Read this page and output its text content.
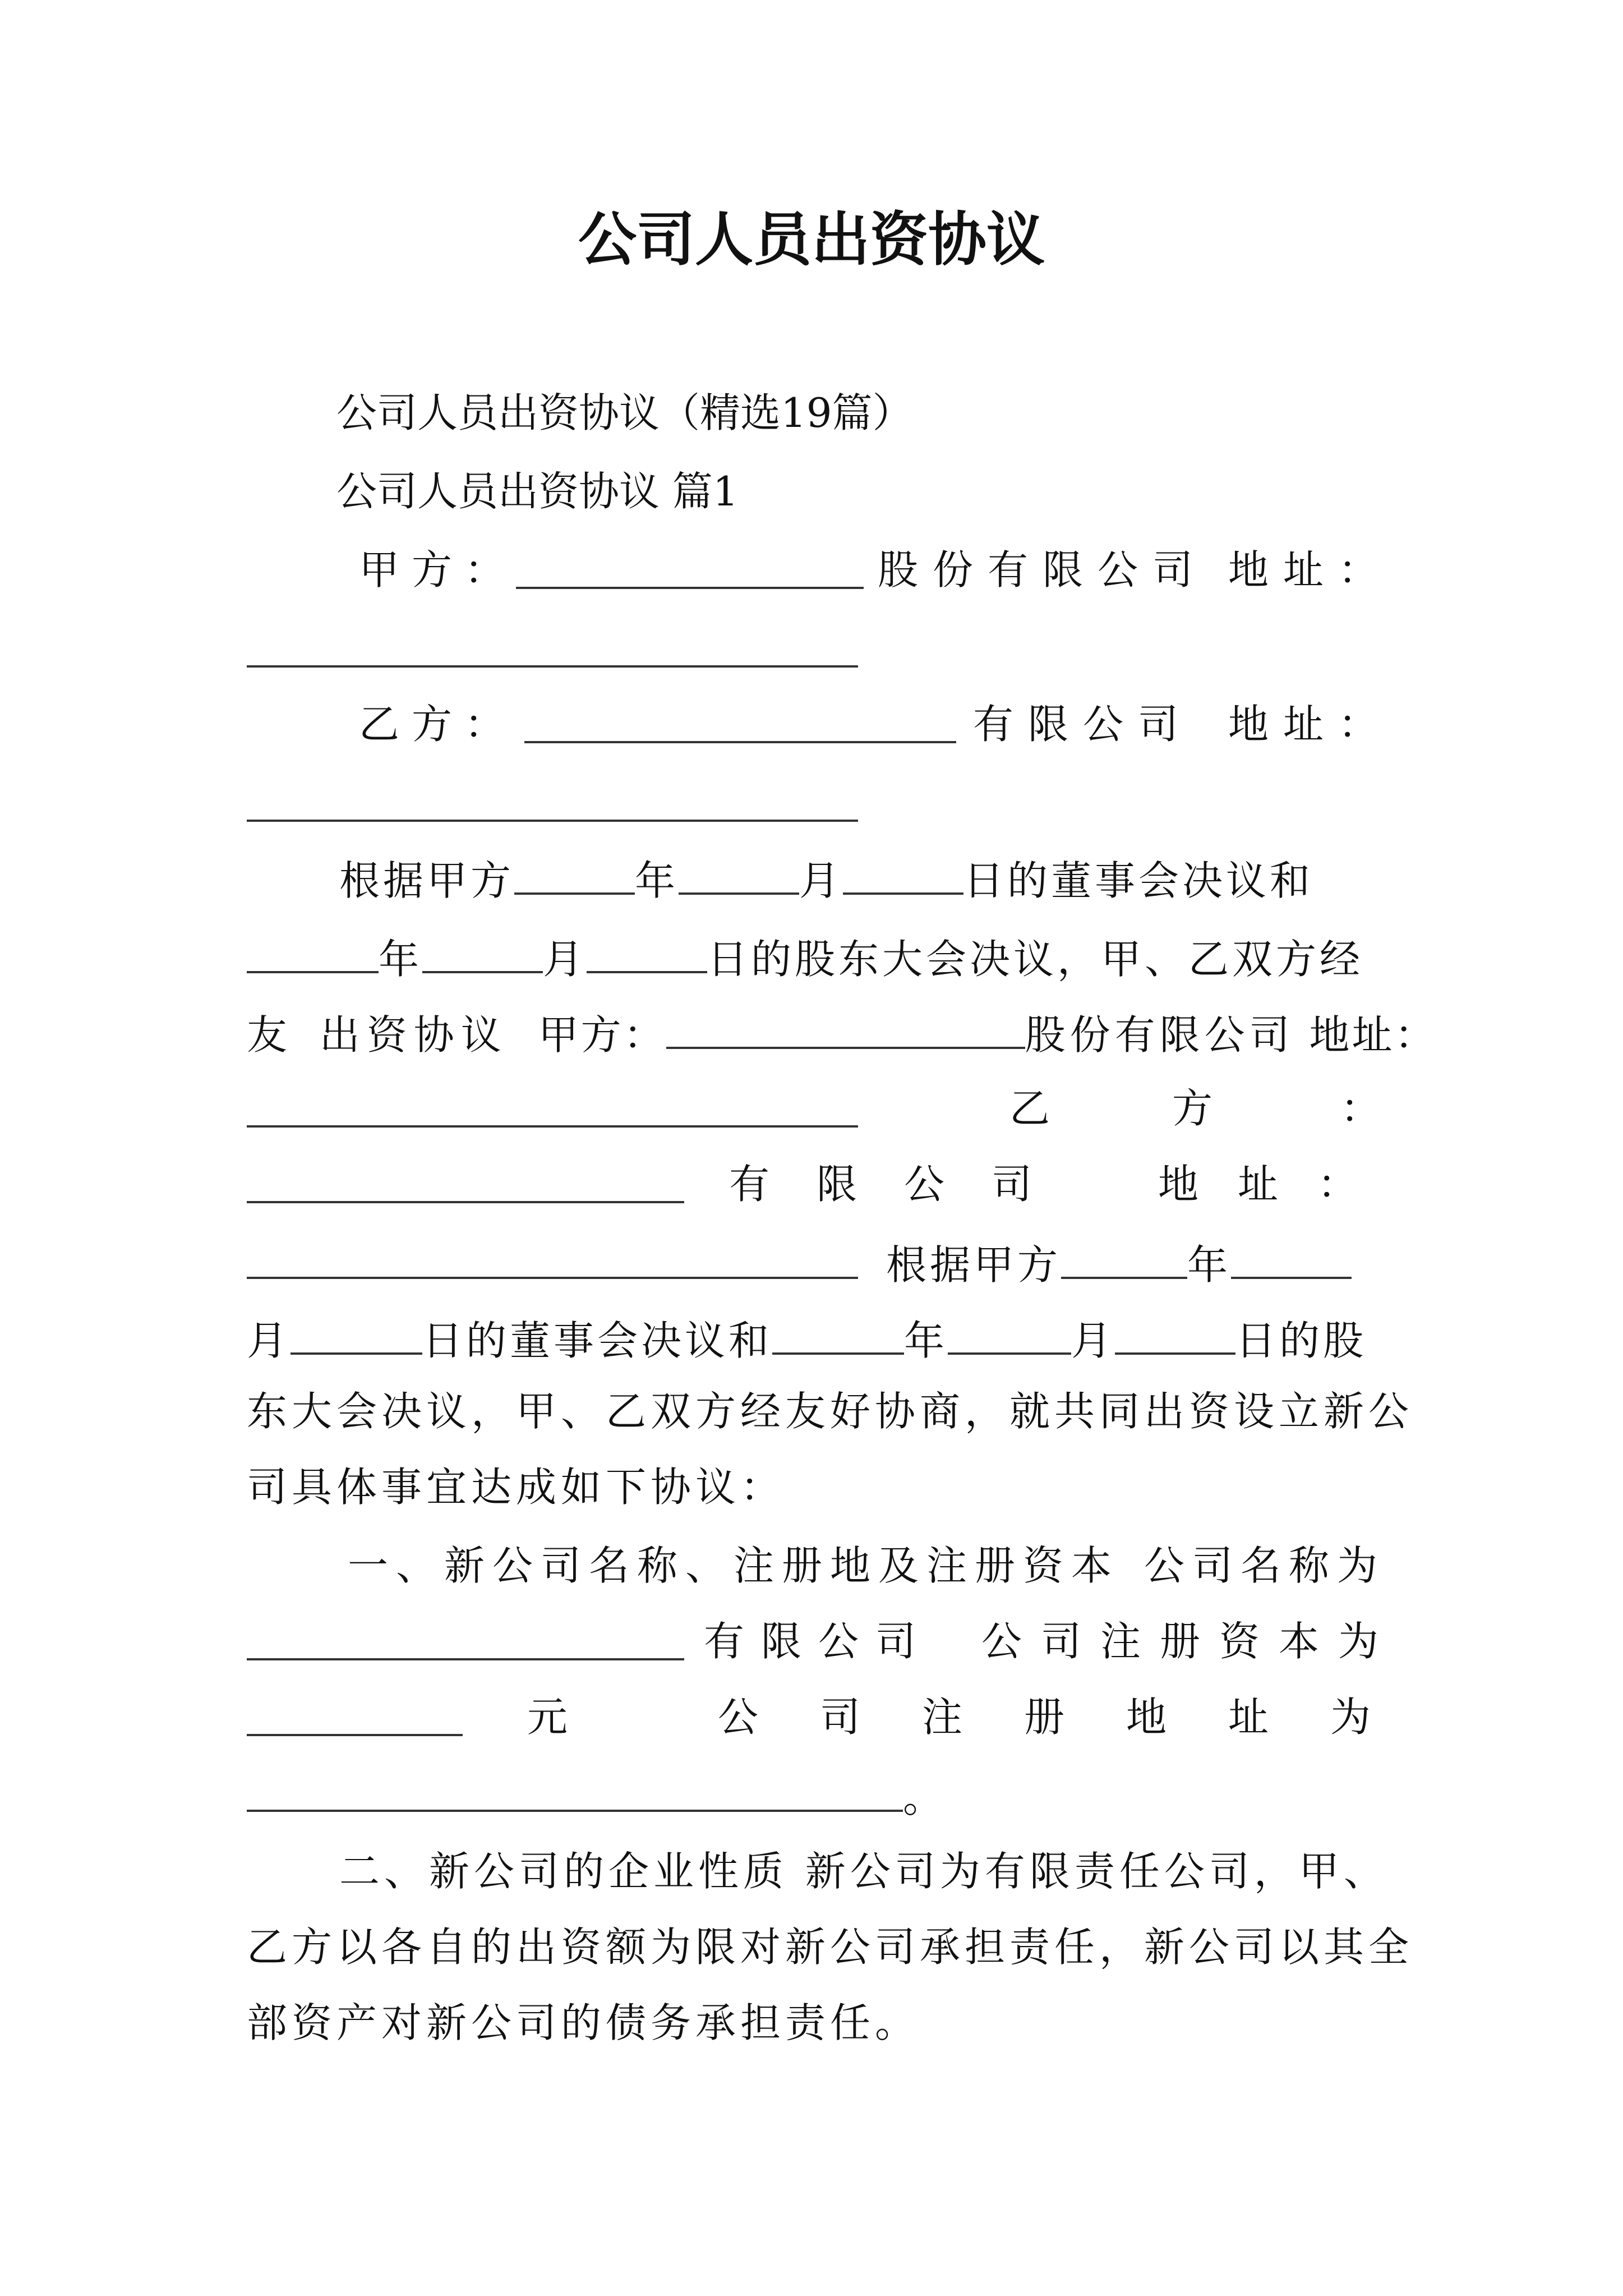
公司人员出资协议
公司人员出资协议（精选19篇）
公司人员出资协议 篇1
甲方：	股份有限公司 地址：
乙方：	有限公司 地址：
根据甲方	年	月	日的董事会决议和
年	月	日的股东大会决议，甲、乙双方经
友 出资协议 甲方：	股份有限公司 地址：
乙	方	：
有限公司 地址：
根据甲方	年
月	日的董事会决议和	年	月	日的股
东大会决议，甲、乙双方经友好协商，就共同出资设立新公
司具体事宜达成如下协议：
一、新公司名称、注册地及注册资本 公司名称为
有限公司 公司注册资本为
元	公司注册地址为
。
二、新公司的企业性质 新公司为有限责任公司，甲、
乙方以各自的出资额为限对新公司承担责任，新公司以其全
部资产对新公司的债务承担责任。
